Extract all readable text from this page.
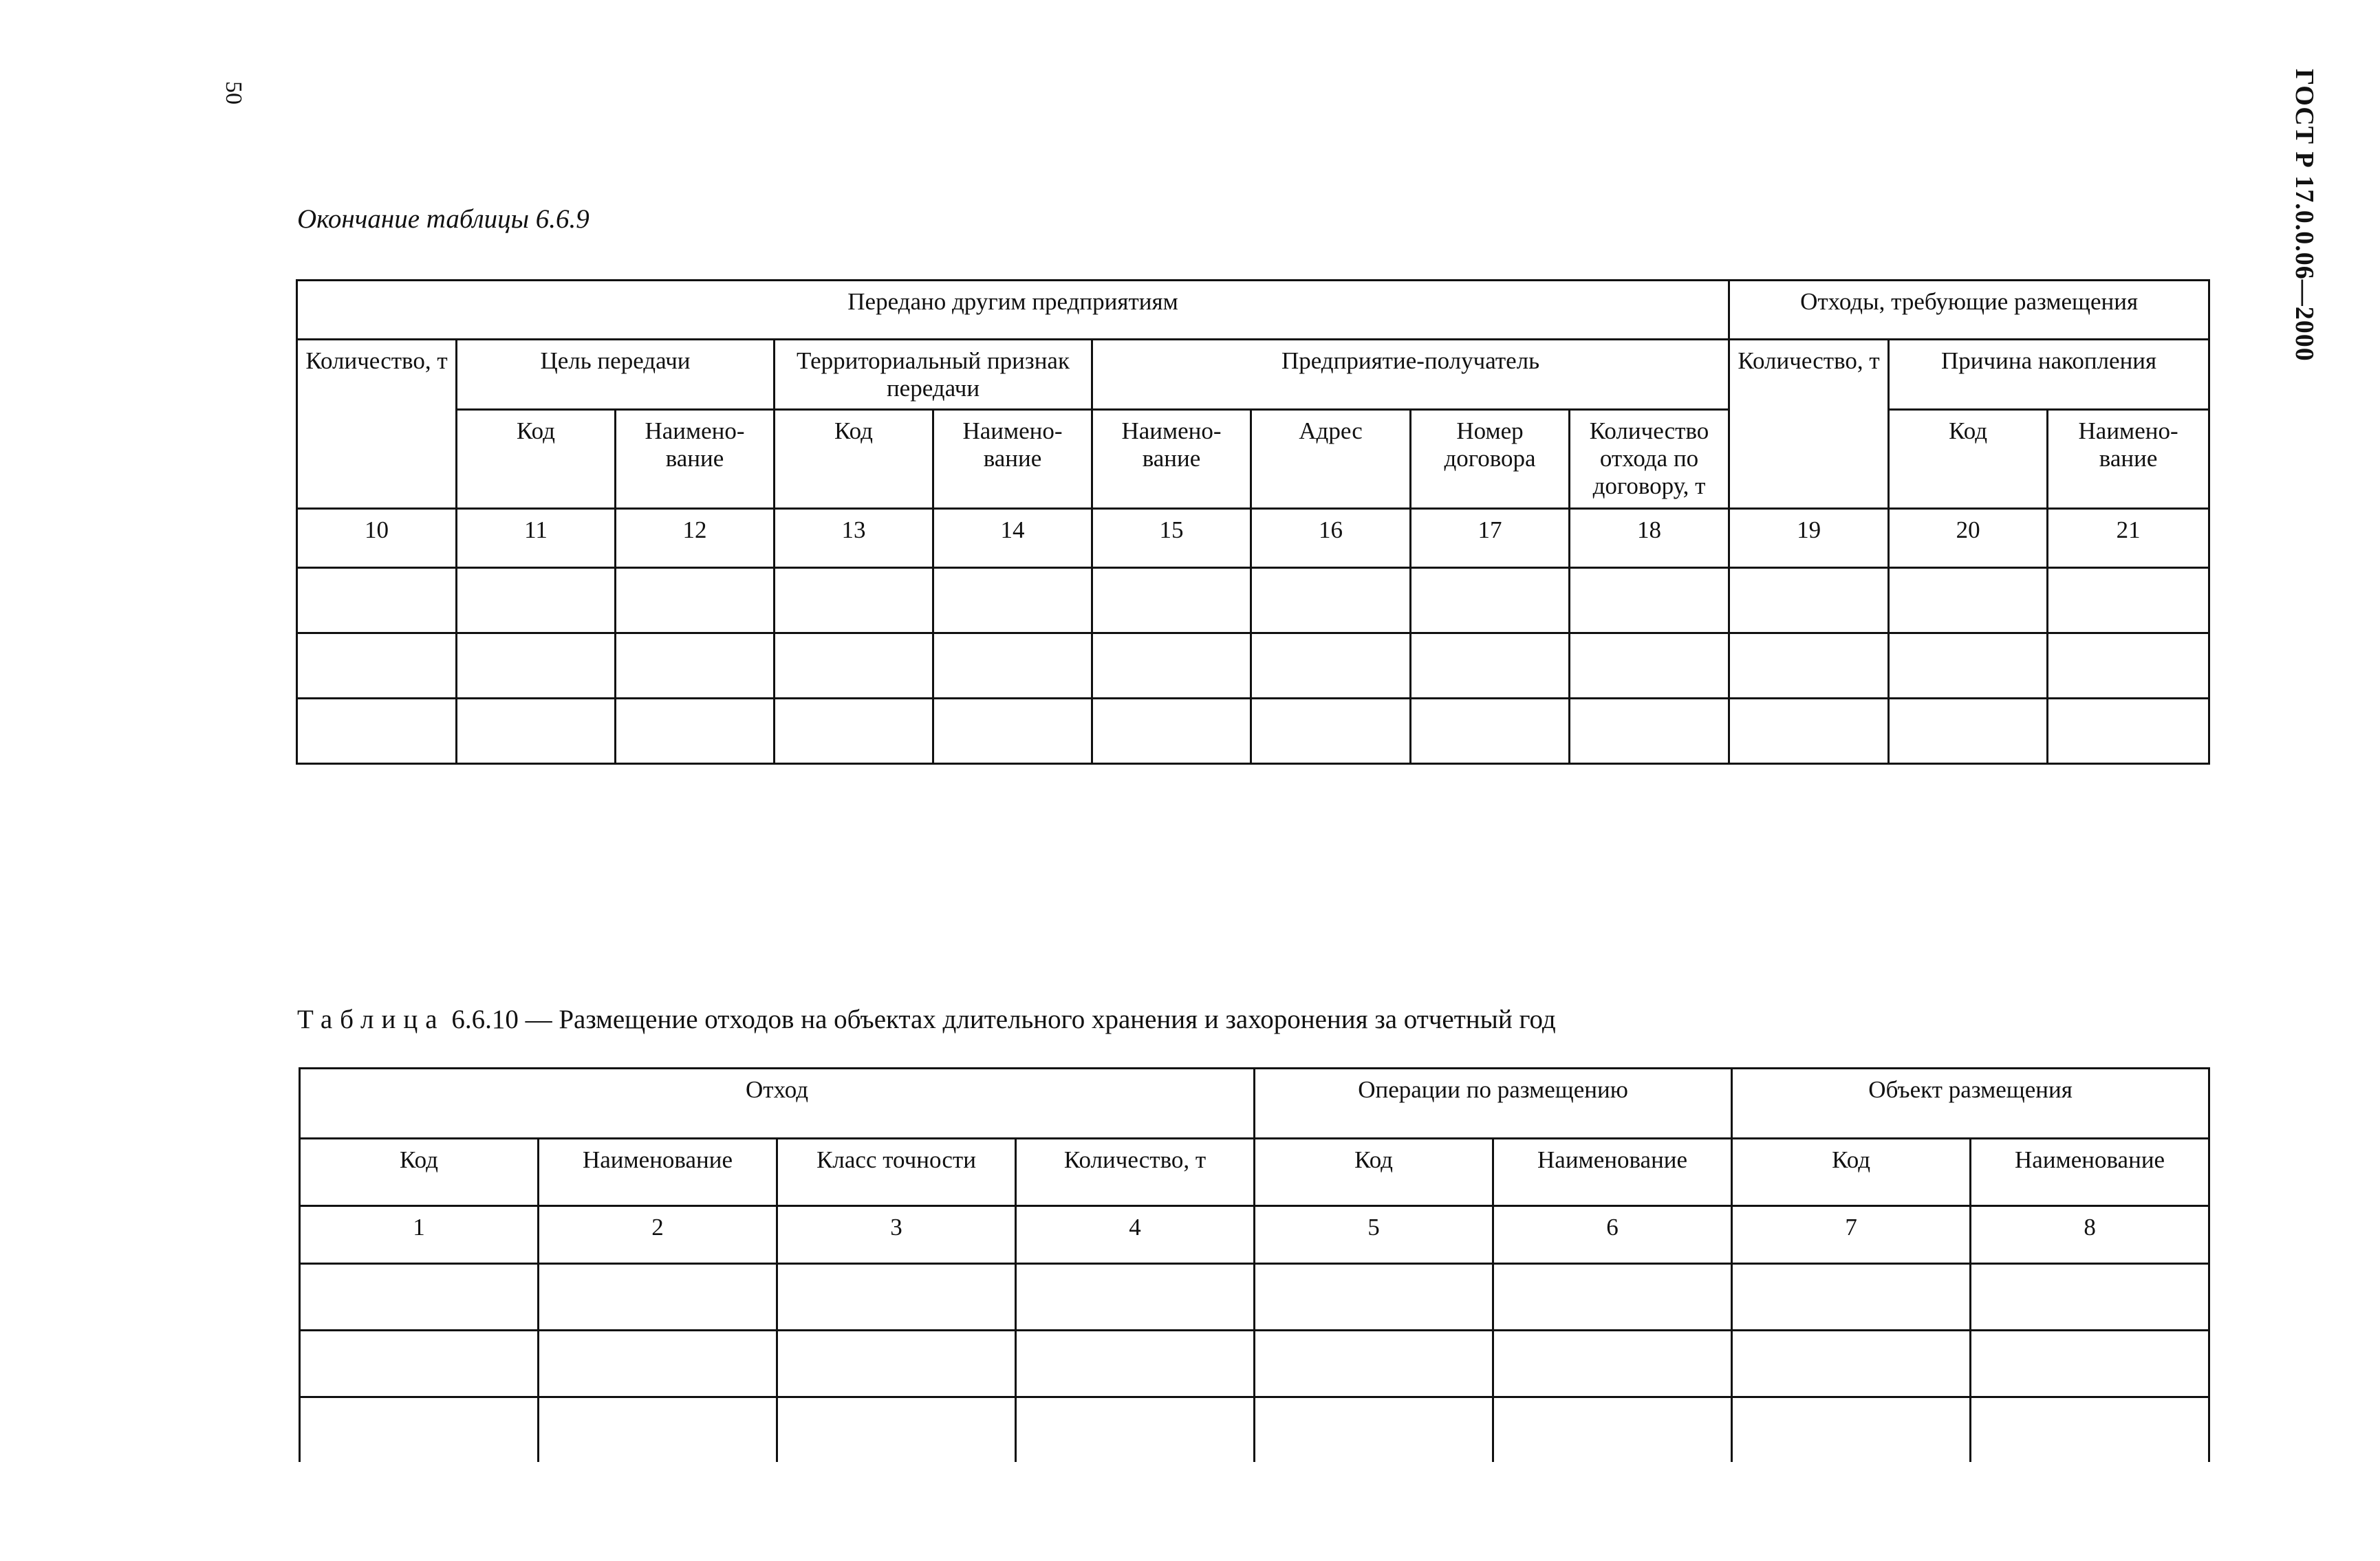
50	ГОСТ Р 17.0.0.06—2000
Окончание таблицы 6.6.9
Передано другим предприятиям									Отходы, требующие размещения		
Количество, т	Цель передачи		Территориальный признак передачи		Предприятие-получатель				Количество, т	Причина накопления	
	Код	Наимено-вание	Код	Наимено-вание	Наимено-вание	Адрес	Номер договора	Количество отхода по договору, т		Код	Наимено-вание
10	11	12	13	14	15	16	17	18	19	20	21

Таблица 6.6.10 — Размещение отходов на объектах длительного хранения и захоронения за отчетный год
Отход				Операции по размещению		Объект размещения	
Код	Наименование	Класс точности	Количество, т	Код	Наименование	Код	Наименование
1	2	3	4	5	6	7	8
